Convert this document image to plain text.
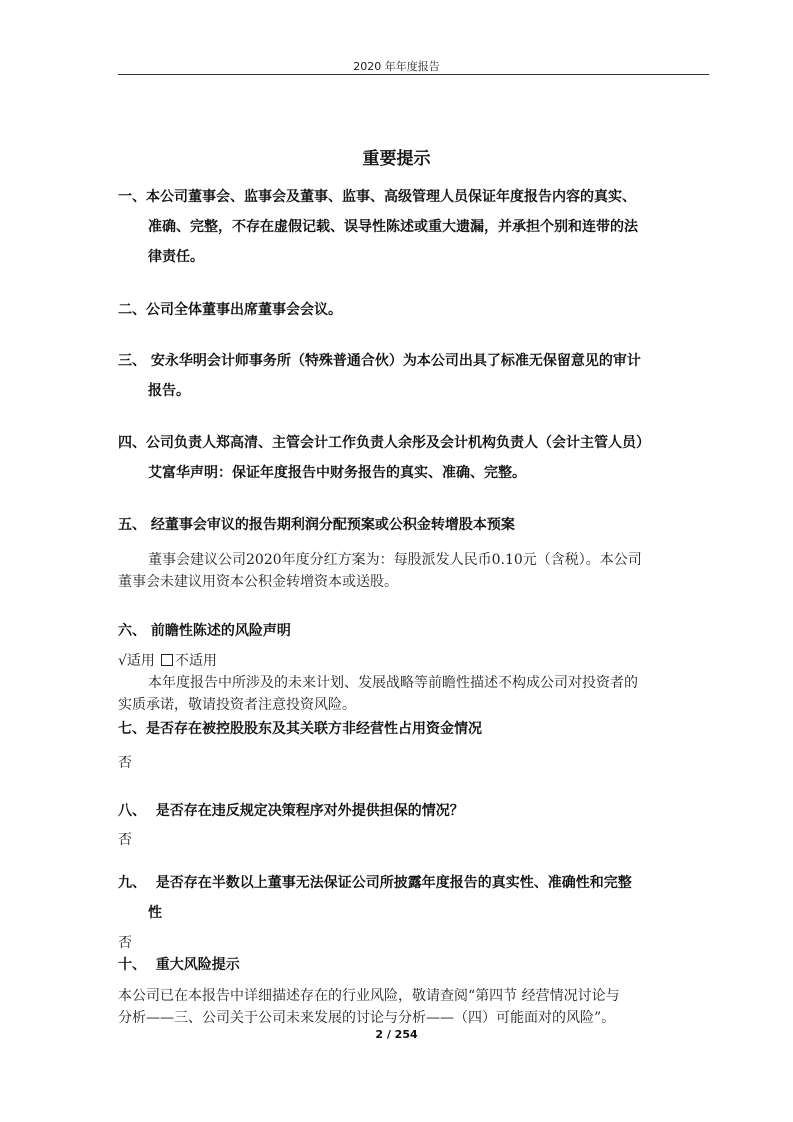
2020 年年度报告
重要提示
一、本公司董事会、监事会及董事、监事、高级管理人员保证年度报告内容的真实、
准确、完整，不存在虚假记载、误导性陈述或重大遗漏，并承担个别和连带的法
律责任。
二、公司全体董事出席董事会会议。
三、 安永华明会计师事务所（特殊普通合伙）为本公司出具了标准无保留意见的审计
报告。
四、公司负责人郑高清、主管会计工作负责人余彤及会计机构负责人（会计主管人员）
艾富华声明：保证年度报告中财务报告的真实、准确、完整。
五、 经董事会审议的报告期利润分配预案或公积金转增股本预案
董事会建议公司2020年度分红方案为：每股派发人民币0.10元（含税）。本公司
董事会未建议用资本公积金转增资本或送股。
六、 前瞻性陈述的风险声明
√适用 不适用
本年度报告中所涉及的未来计划、发展战略等前瞻性描述不构成公司对投资者的
实质承诺，敬请投资者注意投资风险。
七、是否存在被控股股东及其关联方非经营性占用资金情况
否
八、  是否存在违反规定决策程序对外提供担保的情况？
否
九、  是否存在半数以上董事无法保证公司所披露年度报告的真实性、准确性和完整
性
否
十、  重大风险提示
本公司已在本报告中详细描述存在的行业风险，敬请查阅“第四节 经营情况讨论与
分析——三、公司关于公司未来发展的讨论与分析——（四）可能面对的风险”。
2 / 254
